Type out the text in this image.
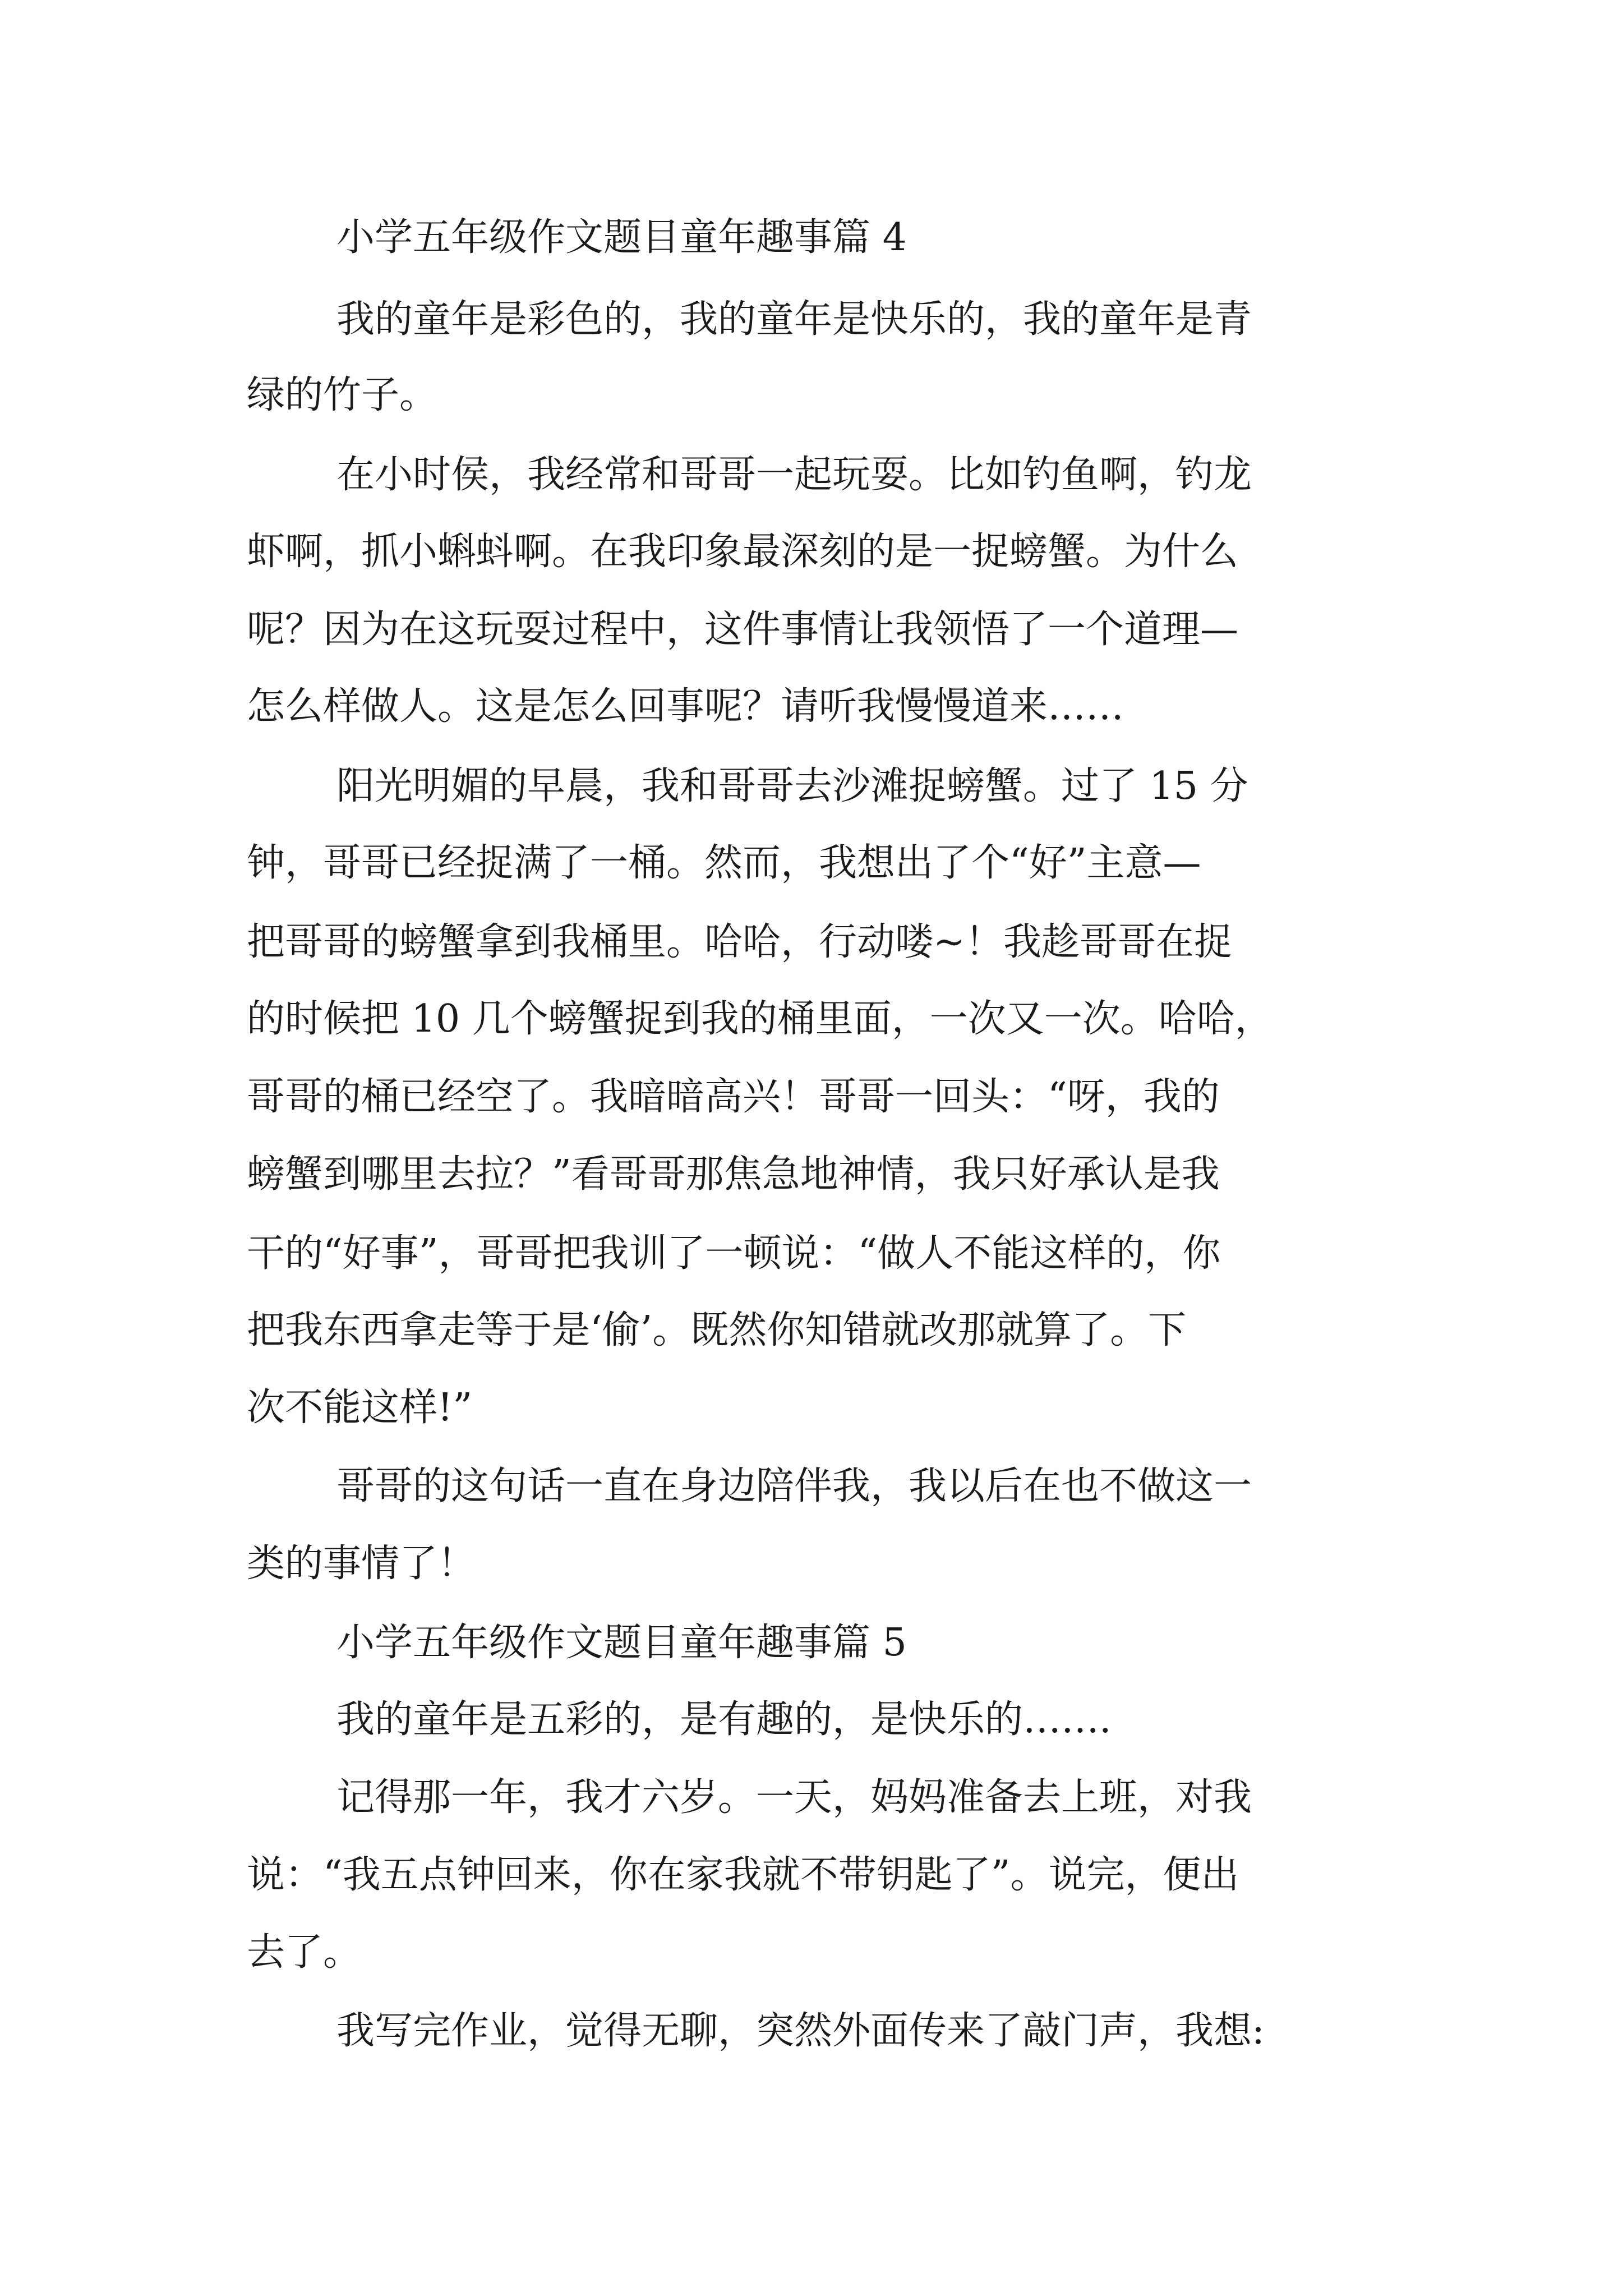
小学五年级作文题目童年趣事篇 4
我的童年是彩色的，我的童年是快乐的，我的童年是青
绿的竹子。
在小时侯，我经常和哥哥一起玩耍。比如钓鱼啊，钓龙
虾啊，抓小蝌蚪啊。在我印象最深刻的是一捉螃蟹。为什么
呢？因为在这玩耍过程中，这件事情让我领悟了一个道理—
怎么样做人。这是怎么回事呢？请听我慢慢道来……
阳光明媚的早晨，我和哥哥去沙滩捉螃蟹。过了 15 分
钟，哥哥已经捉满了一桶。然而，我想出了个“好”主意—
把哥哥的螃蟹拿到我桶里。哈哈，行动喽~！我趁哥哥在捉
的时候把 10 几个螃蟹捉到我的桶里面，一次又一次。哈哈，
哥哥的桶已经空了。我暗暗高兴！哥哥一回头：“呀，我的
螃蟹到哪里去拉？”看哥哥那焦急地神情，我只好承认是我
干的“好事”，哥哥把我训了一顿说：“做人不能这样的，你
把我东西拿走等于是‘偷’。既然你知错就改那就算了。下
次不能这样!”
哥哥的这句话一直在身边陪伴我，我以后在也不做这一
类的事情了！
小学五年级作文题目童年趣事篇 5
我的童年是五彩的，是有趣的，是快乐的…….
记得那一年，我才六岁。一天，妈妈准备去上班，对我
说：“我五点钟回来，你在家我就不带钥匙了”。说完，便出
去了。
我写完作业，觉得无聊，突然外面传来了敲门声，我想:
